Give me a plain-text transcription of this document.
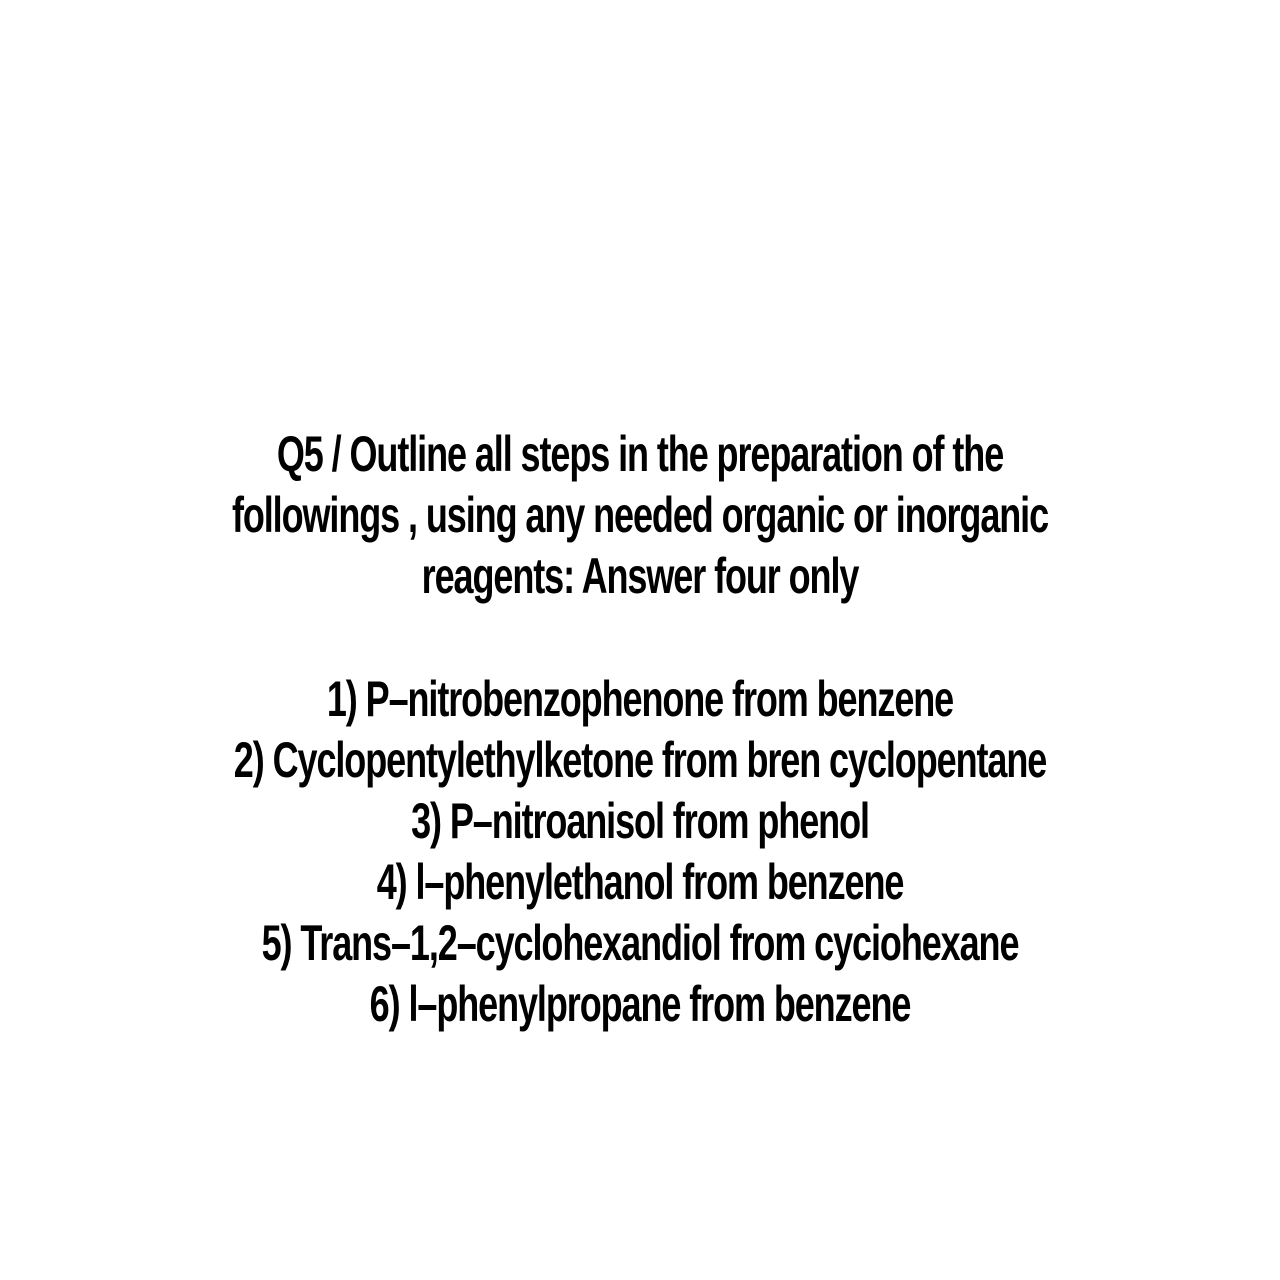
Q5 / Outline all steps in the preparation of the
followings , using any needed organic or inorganic
reagents: Answer four only
1) P–nitrobenzophenone from benzene
2) Cyclopentylethylketone from bren cyclopentane
3) P–nitroanisol from phenol
4) l–phenylethanol from benzene
5) Trans–1,2–cyclohexandiol from cyciohexane
6) l–phenylpropane from benzene
